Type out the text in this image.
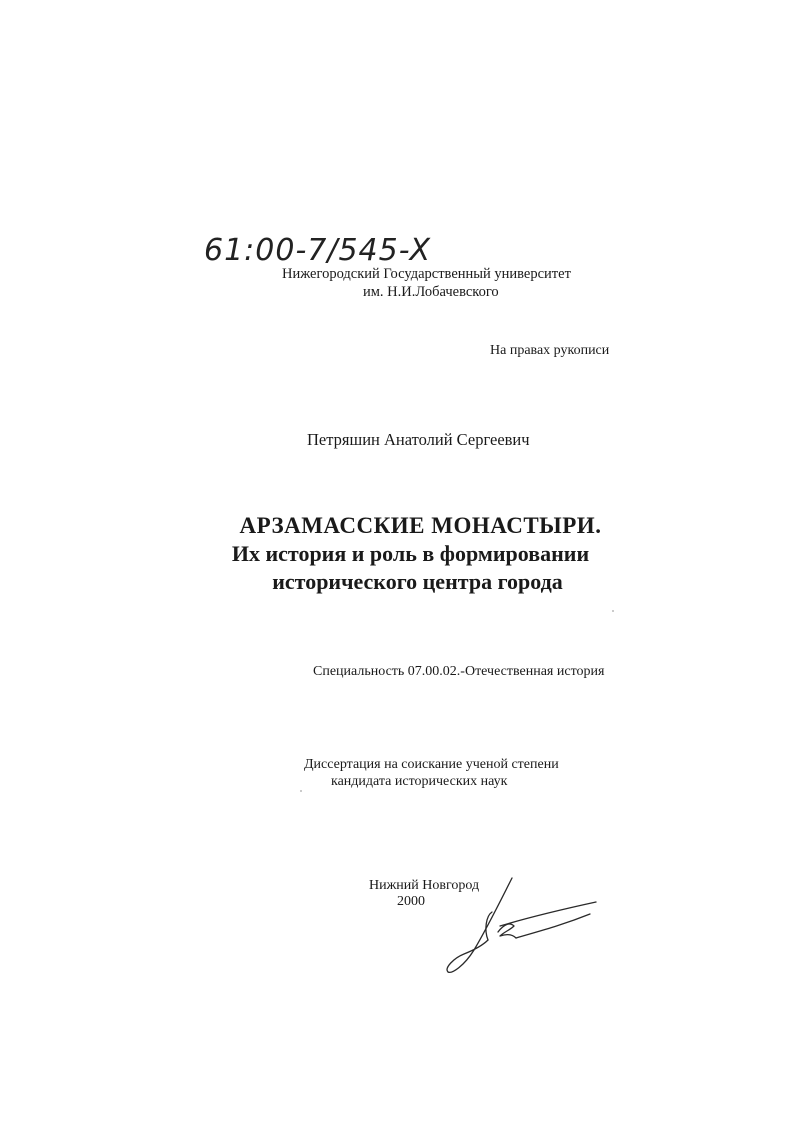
61:00-7/545-X
Нижегородский Государственный университет
им. Н.И.Лобачевского
На правах рукописи
Петряшин Анатолий Сергеевич
АРЗАМАССКИЕ МОНАСТЫРИ.
Их история и роль в формировании
исторического центра города
Специальность 07.00.02.-Отечественная история
Диссертация на соискание ученой степени
кандидата исторических наук
Нижний Новгород
2000
